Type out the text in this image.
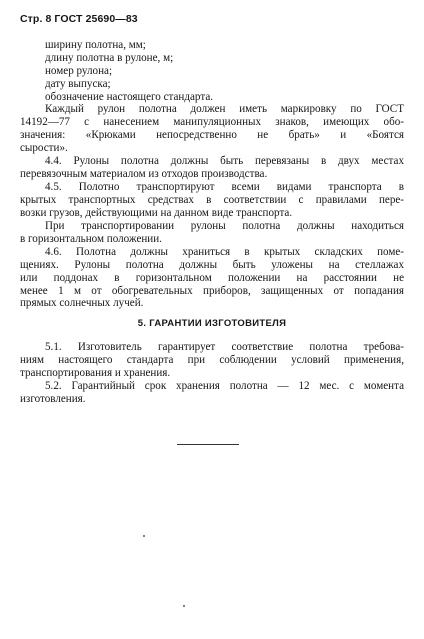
Стр. 8 ГОСТ 25690—83
ширину полотна, мм;
длину полотна в рулоне, м;
номер рулона;
дату выпуска;
обозначение настоящего стандарта.
Каждый рулон полотна должен иметь маркировку по ГОСТ
14192—77 с нанесением манипуляционных знаков, имеющих обо-
значения: «Крюками непосредственно не брать» и «Боятся
сырости».
4.4. Рулоны полотна должны быть перевязаны в двух местах
перевязочным материалом из отходов производства.
4.5. Полотно транспортируют всеми видами транспорта в
крытых транспортных средствах в соответствии с правилами пере-
возки грузов, действующими на данном виде транспорта.
При транспортировании рулоны полотна должны находиться
в горизонтальном положении.
4.6. Полотна должны храниться в крытых складских поме-
щениях. Рулоны полотна должны быть уложены на стеллажах
или поддонах в горизонтальном положении на расстоянии не
менее 1 м от обогревательных приборов, защищенных от попадания
прямых солнечных лучей.
5. ГАРАНТИИ ИЗГОТОВИТЕЛЯ
5.1. Изготовитель гарантирует соответствие полотна требова-
ниям настоящего стандарта при соблюдении условий применения,
транспортирования и хранения.
5.2. Гарантийный срок хранения полотна — 12 мес. с момента
изготовления.
